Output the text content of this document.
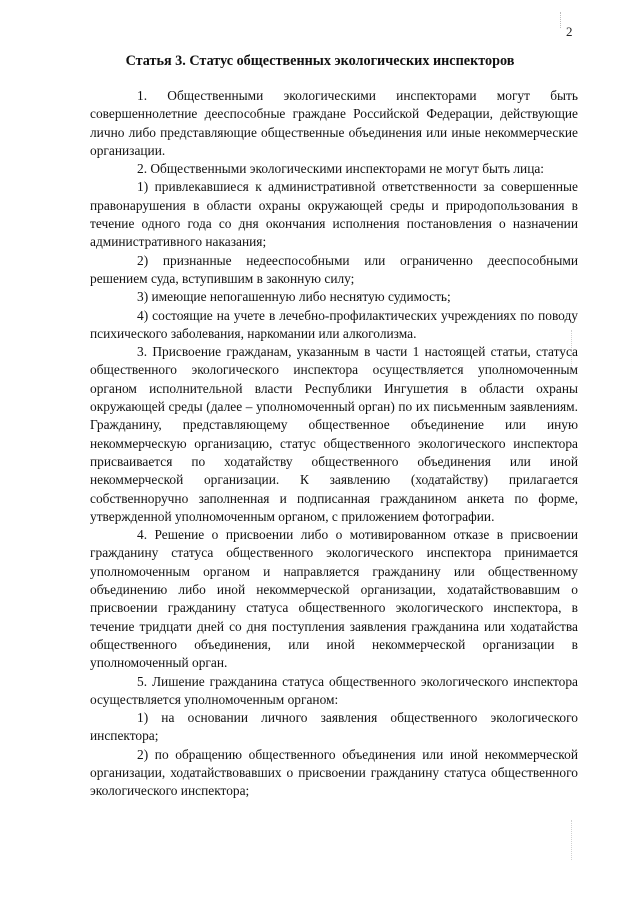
2
Статья 3. Статус общественных экологических инспекторов

1. Общественными экологическими инспекторами могут быть совершеннолетние дееспособные граждане Российской Федерации, действующие лично либо представляющие общественные объединения или иные некоммерческие организации.

2. Общественными экологическими инспекторами не могут быть лица:

1) привлекавшиеся к административной ответственности за совершенные правонарушения в области охраны окружающей среды и природопользования в течение одного года со дня окончания исполнения постановления о назначении административного наказания;

2) признанные недееспособными или ограниченно дееспособными решением суда, вступившим в законную силу;

3) имеющие непогашенную либо неснятую судимость;

4) состоящие на учете в лечебно-профилактических учреждениях по поводу психического заболевания, наркомании или алкоголизма.

3. Присвоение гражданам, указанным в части 1 настоящей статьи, статуса общественного экологического инспектора осуществляется уполномоченным органом исполнительной власти Республики Ингушетия в области охраны окружающей среды (далее – уполномоченный орган) по их письменным заявлениям. Гражданину, представляющему общественное объединение или иную некоммерческую организацию, статус общественного экологического инспектора присваивается по ходатайству общественного объединения или иной некоммерческой организации. К заявлению (ходатайству) прилагается собственноручно заполненная и подписанная гражданином анкета по форме, утвержденной уполномоченным органом, с приложением фотографии.

4. Решение о присвоении либо о мотивированном отказе в присвоении гражданину статуса общественного экологического инспектора принимается уполномоченным органом и направляется гражданину или общественному объединению либо иной некоммерческой организации, ходатайствовавшим о присвоении гражданину статуса общественного экологического инспектора, в течение тридцати дней со дня поступления заявления гражданина или ходатайства общественного объединения, или иной некоммерческой организации в уполномоченный орган.

5. Лишение гражданина статуса общественного экологического инспектора осуществляется уполномоченным органом:

1) на основании личного заявления общественного экологического инспектора;

2) по обращению общественного объединения или иной некоммерческой организации, ходатайствовавших о присвоении гражданину статуса общественного экологического инспектора;
